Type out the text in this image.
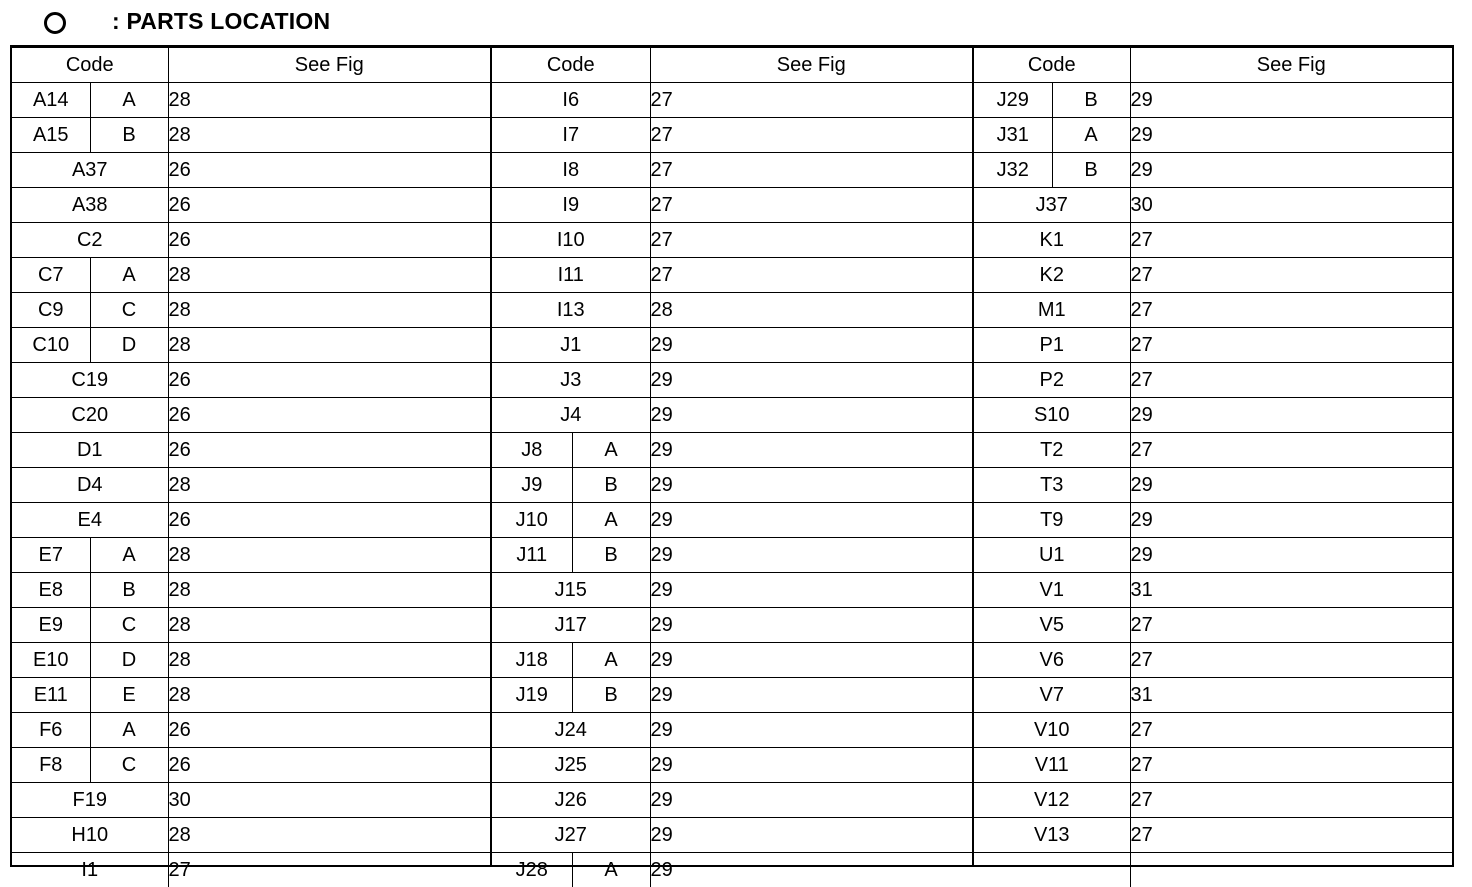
: PARTS LOCATION
Code		See Fig
A14	A	28
A15	B	28
A37		26
A38		26
C2		26
C7	A	28
C9	C	28
C10	D	28
C19		26
C20		26
D1		26
D4		28
E4		26
E7	A	28
E8	B	28
E9	C	28
E10	D	28
E11	E	28
F6	A	26
F8	C	26
F19		30
H10		28
I1		27
Code		See Fig
I6		27
I7		27
I8		27
I9		27
I10		27
I11		27
I13		28
J1		29
J3		29
J4		29
J8	A	29
J9	B	29
J10	A	29
J11	B	29
J15		29
J17		29
J18	A	29
J19	B	29
J24		29
J25		29
J26		29
J27		29
J28	A	29
Code		See Fig
J29	B	29
J31	A	29
J32	B	29
J37		30
K1		27
K2		27
M1		27
P1		27
P2		27
S10		29
T2		27
T3		29
T9		29
U1		29
V1		31
V5		27
V6		27
V7		31
V10		27
V11		27
V12		27
V13		27
